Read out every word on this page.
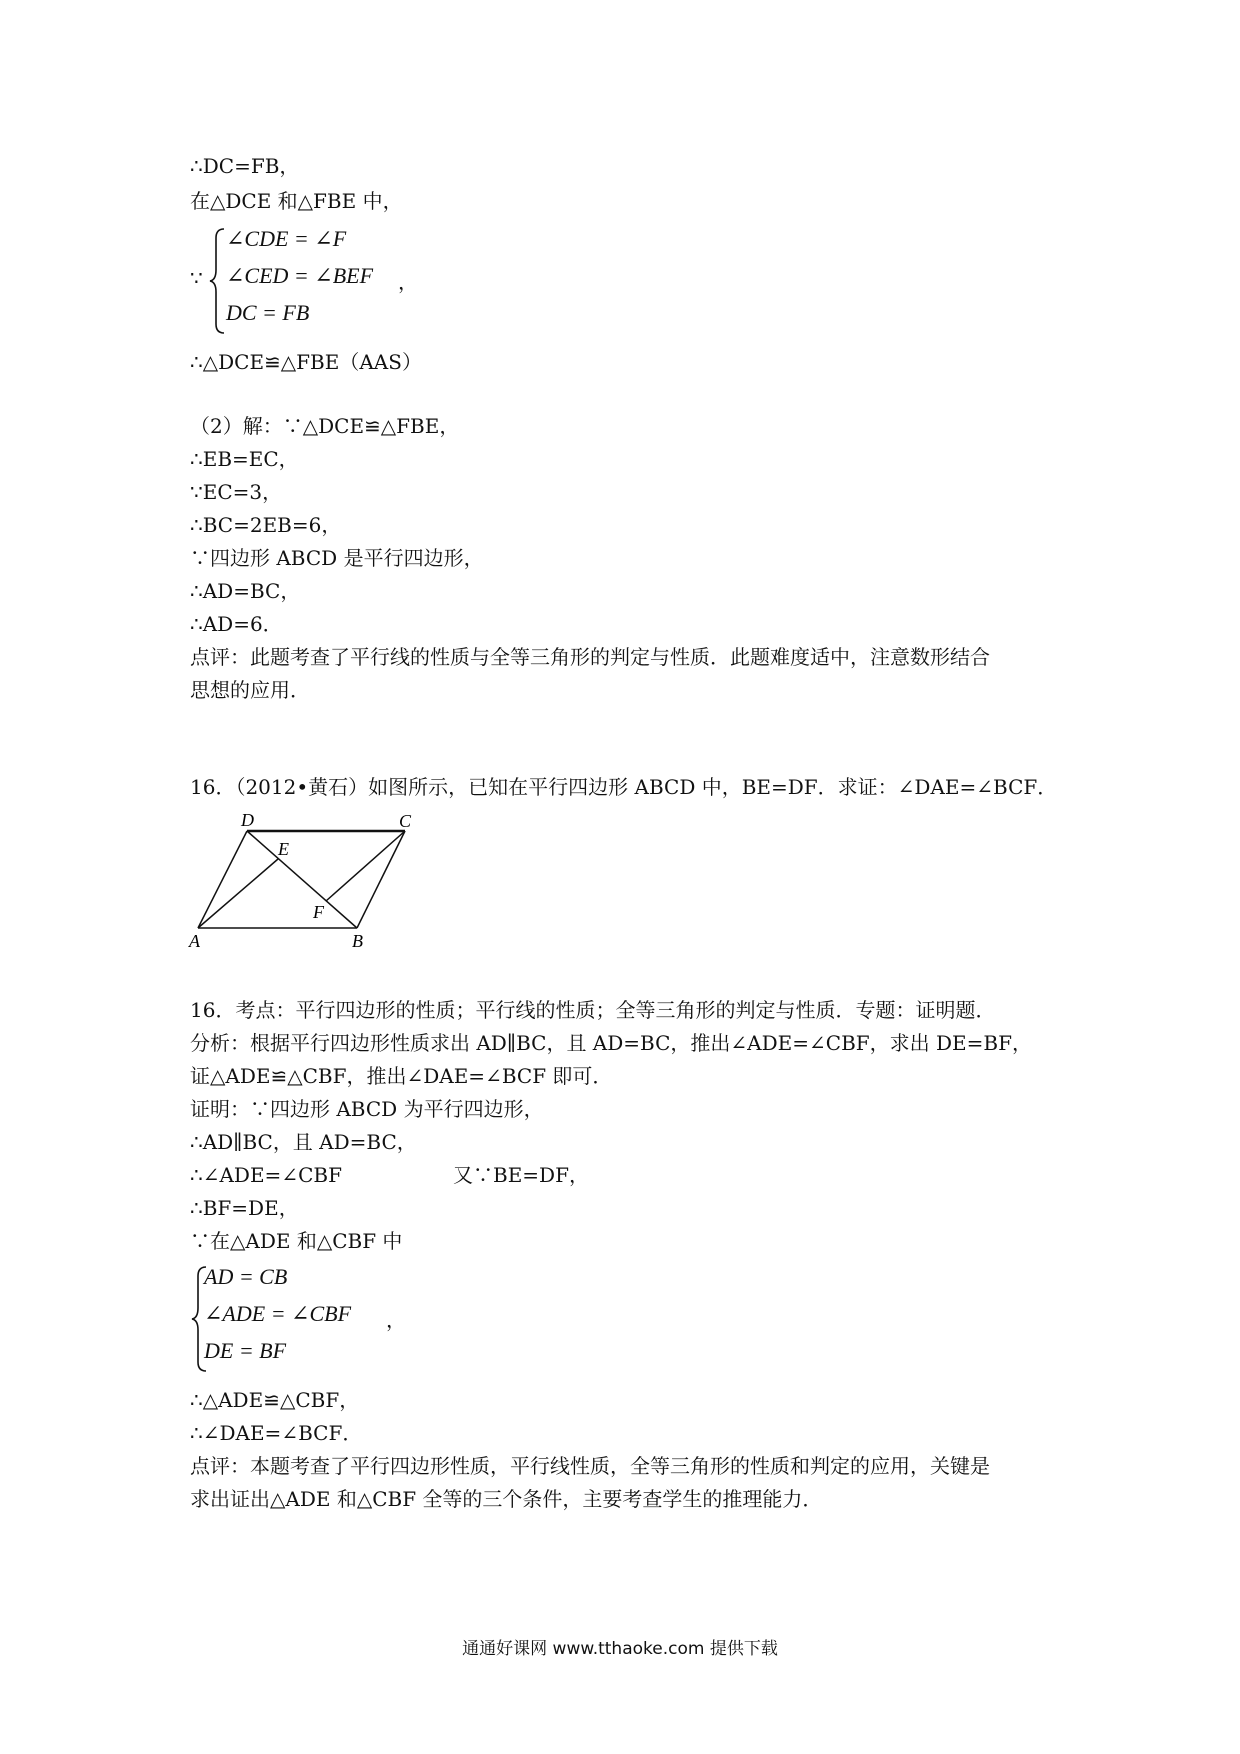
∴DC=FB，
在△DCE 和△FBE 中，
∵
∠CDE = ∠F
∠CED = ∠BEF ，
DC = FB
∴△DCE≌△FBE（AAS）
（2）解：∵△DCE≌△FBE，
∴EB=EC，
∵EC=3，
∴BC=2EB=6，
∵四边形 ABCD 是平行四边形，
∴AD=BC，
∴AD=6．
点评：此题考查了平行线的性质与全等三角形的判定与性质．此题难度适中，注意数形结合
思想的应用．
16．（2012•黄石）如图所示，已知在平行四边形 ABCD 中，BE=DF．求证：∠DAE=∠BCF．
D	C
E
F
A	B
16．考点：平行四边形的性质；平行线的性质；全等三角形的判定与性质．专题：证明题．
分析：根据平行四边形性质求出 AD∥BC，且 AD=BC，推出∠ADE=∠CBF，求出 DE=BF，
证△ADE≌△CBF，推出∠DAE=∠BCF 即可．
证明：∵四边形 ABCD 为平行四边形，
∴AD∥BC，且 AD=BC，
∴∠ADE=∠CBF	又∵BE=DF，
∴BF=DE，
∵在△ADE 和△CBF 中
AD = CB
∠ADE = ∠CBF ，
DE = BF
∴△ADE≌△CBF，
∴∠DAE=∠BCF．
点评：本题考查了平行四边形性质，平行线性质，全等三角形的性质和判定的应用，关键是
求出证出△ADE 和△CBF 全等的三个条件，主要考查学生的推理能力．
通通好课网 www.tthaoke.com 提供下载
